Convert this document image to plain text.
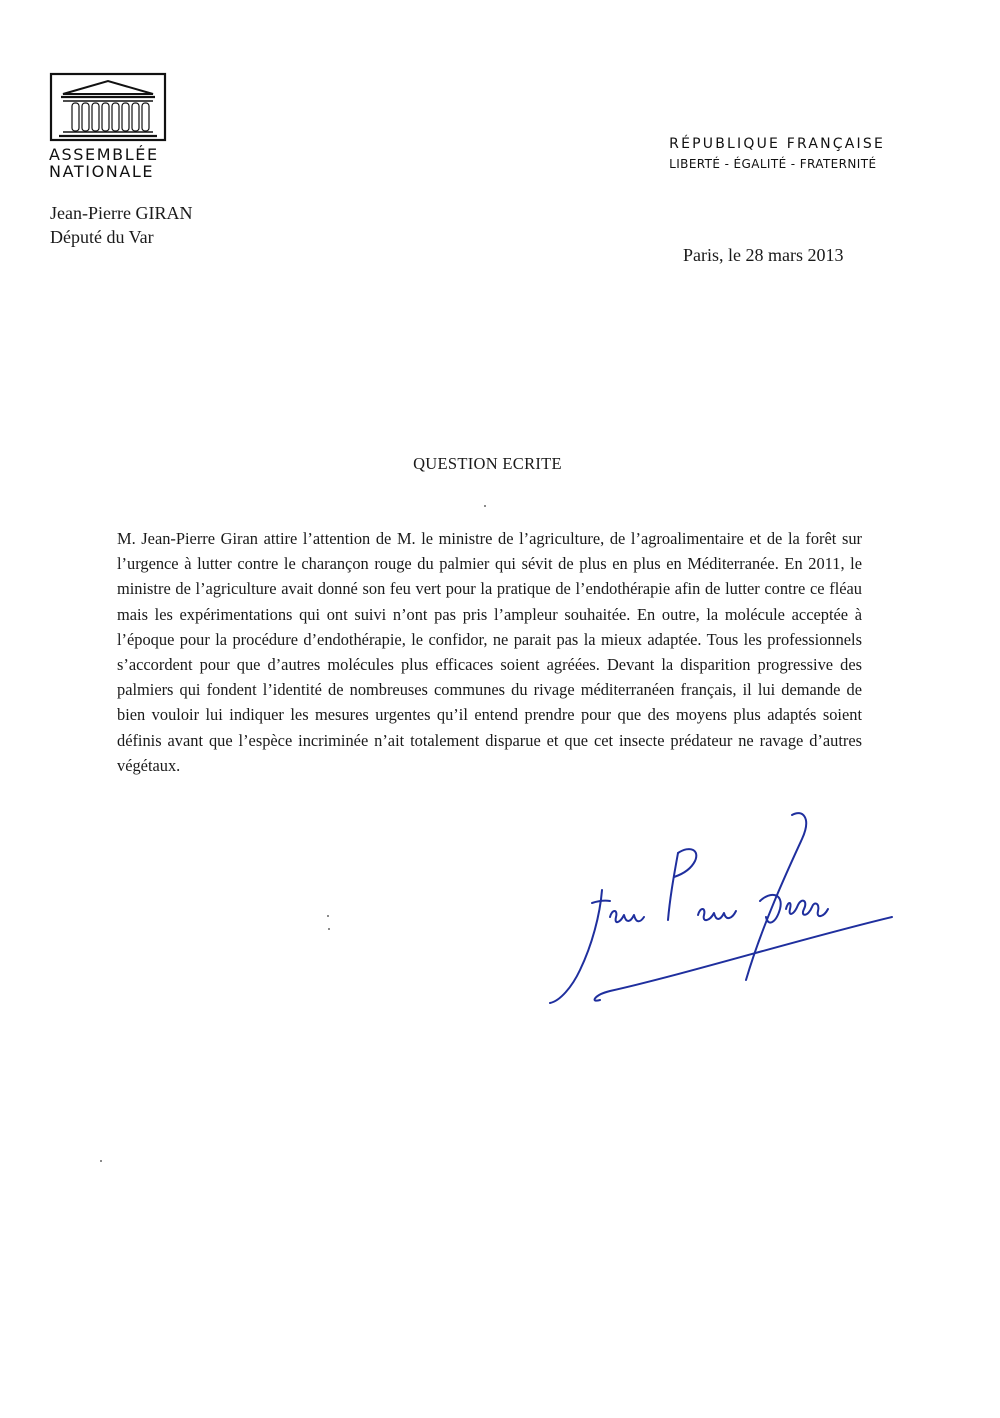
ASSEMBLÉE
NATIONALE
RÉPUBLIQUE FRANÇAISE
LIBERTÉ - ÉGALITÉ - FRATERNITÉ
Jean-Pierre GIRAN
Député du Var
Paris, le 28 mars 2013
QUESTION ECRITE
M. Jean-Pierre Giran attire l’attention de M. le ministre de l’agriculture, de l’agroalimentaire et de la forêt sur l’urgence à lutter contre le charançon rouge du palmier qui sévit de plus en plus en Méditerranée. En 2011, le ministre de l’agriculture avait donné son feu vert pour la pratique de l’endothérapie afin de lutter contre ce fléau mais les expérimentations qui ont suivi n’ont pas pris l’ampleur souhaitée. En outre, la molécule acceptée à l’époque pour la procédure d’endothérapie, le confidor, ne parait pas la mieux adaptée. Tous les professionnels s’accordent pour que d’autres molécules plus efficaces soient agréées. Devant la disparition progressive des palmiers qui fondent l’identité de nombreuses communes du rivage méditerranéen français, il lui demande de bien vouloir lui indiquer les mesures urgentes qu’il entend prendre pour que des moyens plus adaptés soient définis avant que l’espèce incriminée n’ait totalement disparue et que cet insecte prédateur ne ravage d’autres végétaux.
